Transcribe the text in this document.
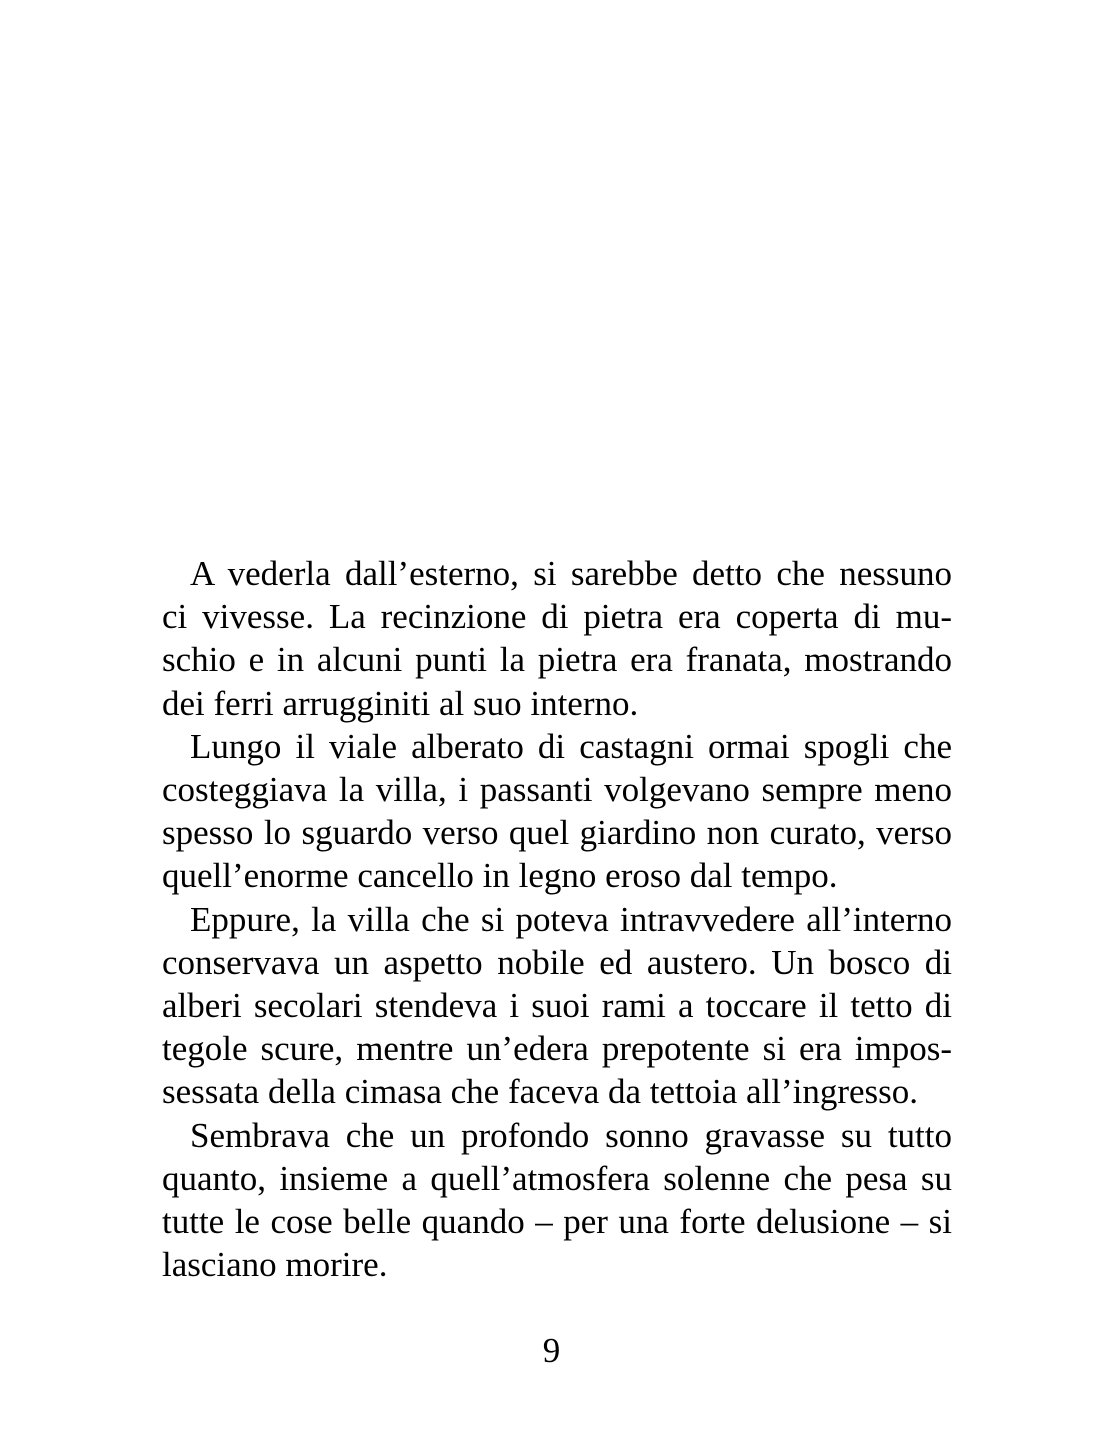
A vederla dall’esterno, si sarebbe detto che nessuno
ci vivesse. La recinzione di pietra era coperta di mu-
schio e in alcuni punti la pietra era franata, mostrando
dei ferri arrugginiti al suo interno.
Lungo il viale alberato di castagni ormai spogli che
costeggiava la villa, i passanti volgevano sempre meno
spesso lo sguardo verso quel giardino non curato, verso
quell’enorme cancello in legno eroso dal tempo.
Eppure, la villa che si poteva intravvedere all’interno
conservava un aspetto nobile ed austero. Un bosco di
alberi secolari stendeva i suoi rami a toccare il tetto di
tegole scure, mentre un’edera prepotente si era impos-
sessata della cimasa che faceva da tettoia all’ingresso.
Sembrava che un profondo sonno gravasse su tutto
quanto, insieme a quell’atmosfera solenne che pesa su
tutte le cose belle quando – per una forte delusione – si
lasciano morire.
9
